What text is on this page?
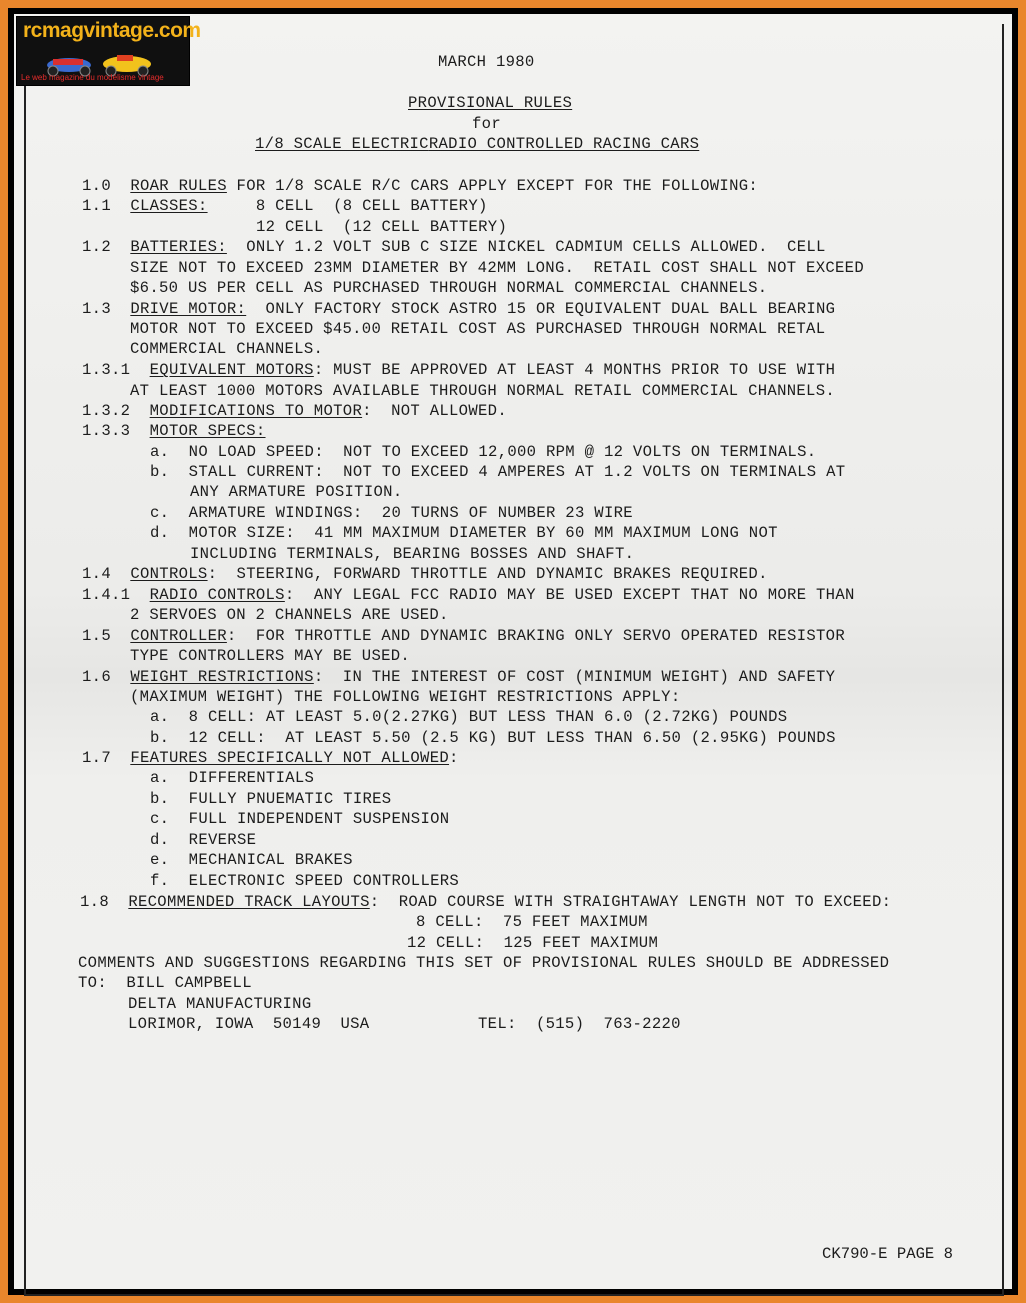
rcmagvintage.com
Le web magazine du modélisme vintage
MARCH 1980
PROVISIONAL RULES
for
1/8 SCALE ELECTRICRADIO CONTROLLED RACING CARS
1.0 ROAR RULES FOR 1/8 SCALE R/C CARS APPLY EXCEPT FOR THE FOLLOWING:
1.1 CLASSES:     8 CELL  (8 CELL BATTERY)
12 CELL  (12 CELL BATTERY)
1.2 BATTERIES:  ONLY 1.2 VOLT SUB C SIZE NICKEL CADMIUM CELLS ALLOWED.  CELL
SIZE NOT TO EXCEED 23MM DIAMETER BY 42MM LONG.  RETAIL COST SHALL NOT EXCEED
$6.50 US PER CELL AS PURCHASED THROUGH NORMAL COMMERCIAL CHANNELS.
1.3 DRIVE MOTOR:  ONLY FACTORY STOCK ASTRO 15 OR EQUIVALENT DUAL BALL BEARING
MOTOR NOT TO EXCEED $45.00 RETAIL COST AS PURCHASED THROUGH NORMAL RETAL
COMMERCIAL CHANNELS.
1.3.1 EQUIVALENT MOTORS: MUST BE APPROVED AT LEAST 4 MONTHS PRIOR TO USE WITH
AT LEAST 1000 MOTORS AVAILABLE THROUGH NORMAL RETAIL COMMERCIAL CHANNELS.
1.3.2 MODIFICATIONS TO MOTOR:  NOT ALLOWED.
1.3.3 MOTOR SPECS:
a. NO LOAD SPEED:  NOT TO EXCEED 12,000 RPM @ 12 VOLTS ON TERMINALS.
b. STALL CURRENT:  NOT TO EXCEED 4 AMPERES AT 1.2 VOLTS ON TERMINALS AT
ANY ARMATURE POSITION.
c. ARMATURE WINDINGS:  20 TURNS OF NUMBER 23 WIRE
d. MOTOR SIZE:  41 MM MAXIMUM DIAMETER BY 60 MM MAXIMUM LONG NOT
INCLUDING TERMINALS, BEARING BOSSES AND SHAFT.
1.4 CONTROLS:  STEERING, FORWARD THROTTLE AND DYNAMIC BRAKES REQUIRED.
1.4.1 RADIO CONTROLS:  ANY LEGAL FCC RADIO MAY BE USED EXCEPT THAT NO MORE THAN
2 SERVOES ON 2 CHANNELS ARE USED.
1.5 CONTROLLER:  FOR THROTTLE AND DYNAMIC BRAKING ONLY SERVO OPERATED RESISTOR
TYPE CONTROLLERS MAY BE USED.
1.6 WEIGHT RESTRICTIONS:  IN THE INTEREST OF COST (MINIMUM WEIGHT) AND SAFETY
(MAXIMUM WEIGHT) THE FOLLOWING WEIGHT RESTRICTIONS APPLY:
a. 8 CELL: AT LEAST 5.0(2.27KG) BUT LESS THAN 6.0 (2.72KG) POUNDS
b. 12 CELL:  AT LEAST 5.50 (2.5 KG) BUT LESS THAN 6.50 (2.95KG) POUNDS
1.7 FEATURES SPECIFICALLY NOT ALLOWED:
a. DIFFERENTIALS
b. FULLY PNUEMATIC TIRES
c. FULL INDEPENDENT SUSPENSION
d. REVERSE
e. MECHANICAL BRAKES
f. ELECTRONIC SPEED CONTROLLERS
1.8 RECOMMENDED TRACK LAYOUTS:  ROAD COURSE WITH STRAIGHTAWAY LENGTH NOT TO EXCEED:
8 CELL:  75 FEET MAXIMUM
12 CELL:  125 FEET MAXIMUM
COMMENTS AND SUGGESTIONS REGARDING THIS SET OF PROVISIONAL RULES SHOULD BE ADDRESSED
TO: BILL CAMPBELL
DELTA MANUFACTURING
LORIMOR, IOWA  50149  USA	TEL:  (515)  763-2220
CK790-E PAGE 8
